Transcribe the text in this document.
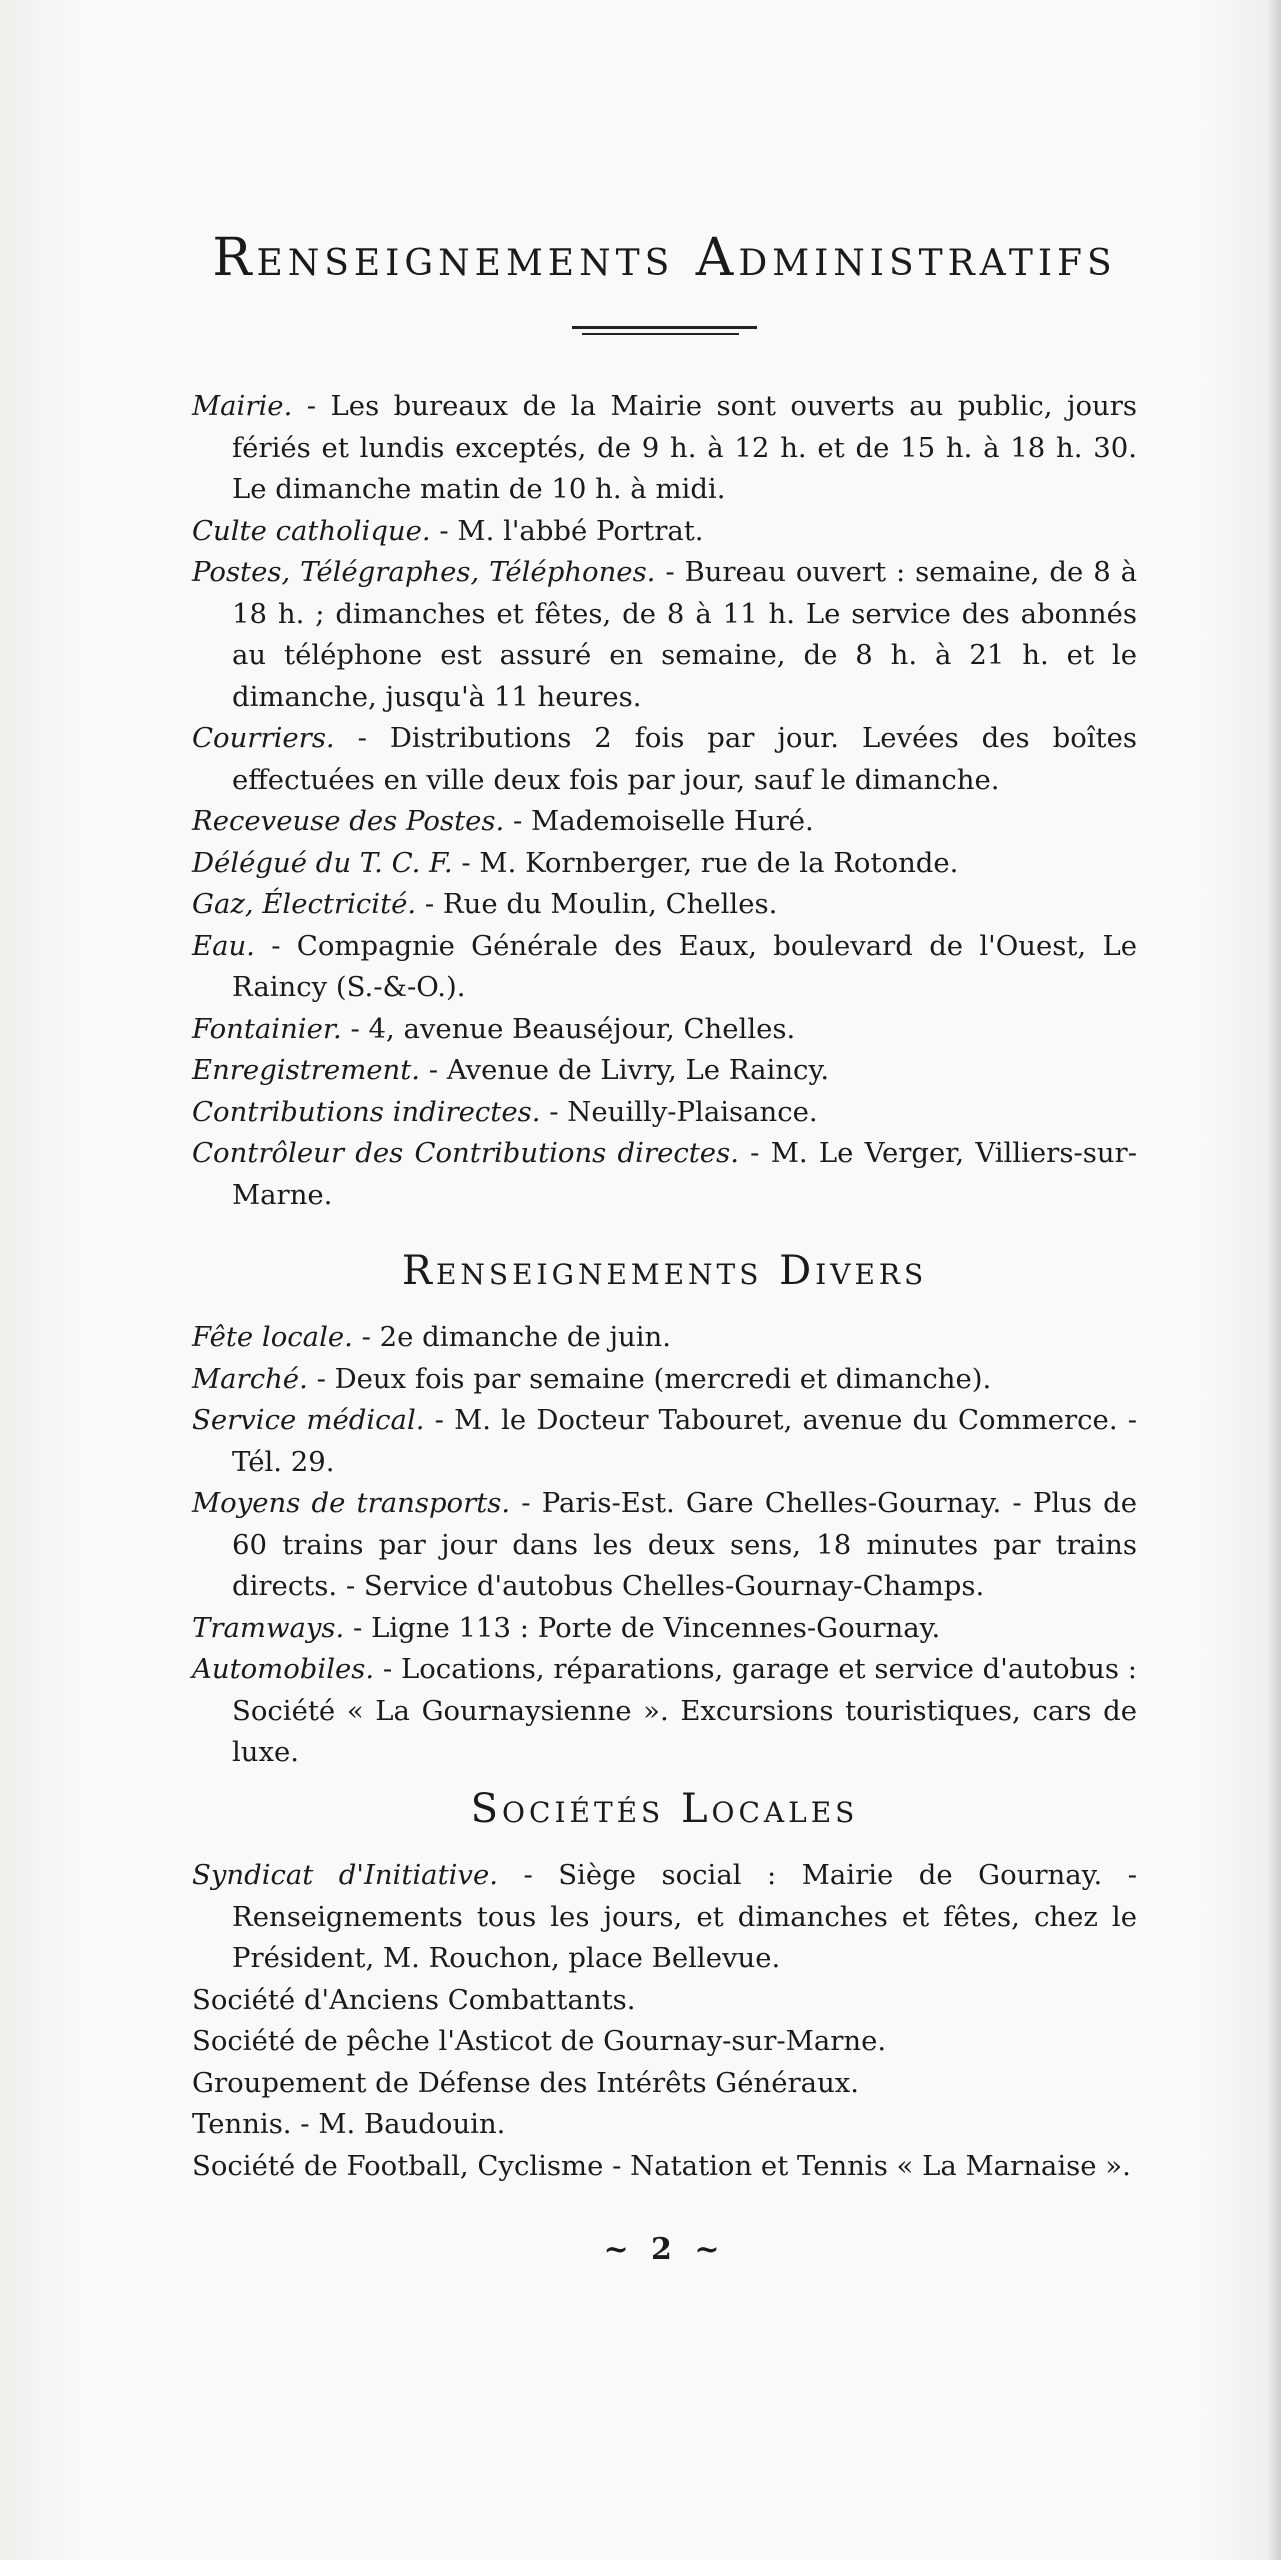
Renseignements Administratifs
Mairie. - Les bureaux de la Mairie sont ouverts au public, jours fériés et lundis exceptés, de 9 h. à 12 h. et de 15 h. à 18 h. 30. Le dimanche matin de 10 h. à midi.
Culte catholique. - M. l'abbé Portrat.
Postes, Télégraphes, Téléphones. - Bureau ouvert : semaine, de 8 à 18 h. ; dimanches et fêtes, de 8 à 11 h. Le service des abonnés au téléphone est assuré en semaine, de 8 h. à 21 h. et le dimanche, jusqu'à 11 heures.
Courriers. - Distributions 2 fois par jour. Levées des boîtes effectuées en ville deux fois par jour, sauf le dimanche.
Receveuse des Postes. - Mademoiselle Huré.
Délégué du T. C. F. - M. Kornberger, rue de la Rotonde.
Gaz, Électricité. - Rue du Moulin, Chelles.
Eau. - Compagnie Générale des Eaux, boulevard de l'Ouest, Le Raincy (S.-&-O.).
Fontainier. - 4, avenue Beauséjour, Chelles.
Enregistrement. - Avenue de Livry, Le Raincy.
Contributions indirectes. - Neuilly-Plaisance.
Contrôleur des Contributions directes. - M. Le Verger, Villiers-sur-Marne.
Renseignements Divers
Fête locale. - 2e dimanche de juin.
Marché. - Deux fois par semaine (mercredi et dimanche).
Service médical. - M. le Docteur Tabouret, avenue du Commerce. - Tél. 29.
Moyens de transports. - Paris-Est. Gare Chelles-Gournay. - Plus de 60 trains par jour dans les deux sens, 18 minutes par trains directs. - Service d'autobus Chelles-Gournay-Champs.
Tramways. - Ligne 113 : Porte de Vincennes-Gournay.
Automobiles. - Locations, réparations, garage et service d'autobus : Société « La Gournaysienne ». Excursions touristiques, cars de luxe.
Sociétés Locales
Syndicat d'Initiative. - Siège social : Mairie de Gournay. - Renseignements tous les jours, et dimanches et fêtes, chez le Président, M. Rouchon, place Bellevue.
Société d'Anciens Combattants.
Société de pêche l'Asticot de Gournay-sur-Marne.
Groupement de Défense des Intérêts Généraux.
Tennis. - M. Baudouin.
Société de Football, Cyclisme - Natation et Tennis « La Marnaise ».
~ 2 ~
